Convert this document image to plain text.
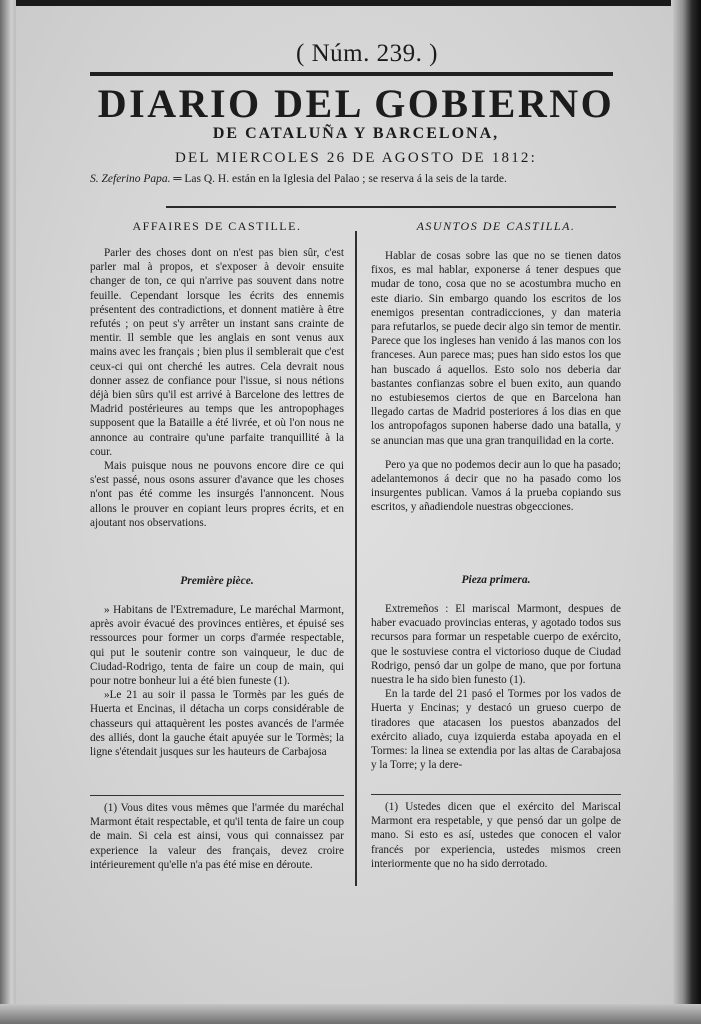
( Núm. 239. )
DIARIO DEL GOBIERNO
DE CATALUÑA Y BARCELONA,
DEL MIERCOLES 26 DE AGOSTO DE 1812:
S. Zeferino Papa. ═ Las Q. H. están en la Iglesia del Palao ; se reserva á la seis de la tarde.
AFFAIRES DE CASTILLE.

Parler des choses dont on n'est pas bien sûr, c'est parler mal à propos, et s'exposer à devoir ensuite changer de ton, ce qui n'arrive pas souvent dans notre feuille. Cependant lorsque les écrits des ennemis présentent des contradictions, et donnent matière à être refutés ; on peut s'y arrêter un instant sans crainte de mentir. Il semble que les anglais en sont venus aux mains avec les français ; bien plus il semblerait que c'est ceux-ci qui ont cherché les autres. Cela devrait nous donner assez de confiance pour l'issue, si nous nétions déjà bien sûrs qu'il est arrivé à Barcelone des lettres de Madrid postérieures au temps que les antropophages supposent que la Bataille a été livrée, et où l'on nous ne annonce au contraire qu'une parfaite tranquillité à la cour.

Mais puisque nous ne pouvons encore dire ce qui s'est passé, nous osons assurer d'avance que les choses n'ont pas été comme les insurgés l'annoncent. Nous allons le prouver en copiant leurs propres écrits, et en ajoutant nos observations.

Première pièce.

» Habitans de l'Extremadure, Le maréchal Marmont, après avoir évacué des provinces entières, et épuisé ses ressources pour former un corps d'armée respectable, qui put le soutenir contre son vainqueur, le duc de Ciudad-Rodrigo, tenta de faire un coup de main, qui pour notre bonheur lui a été bien funeste (1).

»Le 21 au soir il passa le Tormès par les gués de Huerta et Encinas, il détacha un corps considérable de chasseurs qui attaquèrent les postes avancés de l'armée des alliés, dont la gauche était apuyée sur le Tormès; la ligne s'étendait jusques sur les hauteurs de Carbajosa

(1) Vous dites vous mêmes que l'armée du maréchal Marmont était respectable, et qu'il tenta de faire un coup de main. Si cela est ainsi, vous qui connaissez par experience la valeur des français, devez croire intérieurement qu'elle n'a pas été mise en déroute.

ASUNTOS DE CASTILLA.

Hablar de cosas sobre las que no se tienen datos fixos, es mal hablar, exponerse á tener despues que mudar de tono, cosa que no se acostumbra mucho en este diario. Sin embargo quando los escritos de los enemigos presentan contradicciones, y dan materia para refutarlos, se puede decir algo sin temor de mentir. Parece que los ingleses han venido á las manos con los franceses. Aun parece mas; pues han sido estos los que han buscado á aquellos. Esto solo nos deberia dar bastantes confianzas sobre el buen exito, aun quando no estubiesemos ciertos de que en Barcelona han llegado cartas de Madrid posteriores á los dias en que los antropofagos suponen haberse dado una batalla, y se anuncian mas que una gran tranquilidad en la corte.

Pero ya que no podemos decir aun lo que ha pasado; adelantemonos á decir que no ha pasado como los insurgentes publican. Vamos á la prueba copiando sus escritos, y añadiendole nuestras obgecciones.

Pieza primera.

Extremeños : El mariscal Marmont, despues de haber evacuado provincias enteras, y agotado todos sus recursos para formar un respetable cuerpo de exército, que le sostuviese contra el victorioso duque de Ciudad Rodrigo, pensó dar un golpe de mano, que por fortuna nuestra le ha sido bien funesto (1).

En la tarde del 21 pasó el Tormes por los vados de Huerta y Encinas; y destacó un grueso cuerpo de tiradores que atacasen los puestos abanzados del exército aliado, cuya izquierda estaba apoyada en el Tormes: la linea se extendia por las altas de Carabajosa y la Torre; y la dere-

(1) Ustedes dicen que el exército del Mariscal Marmont era respetable, y que pensó dar un golpe de mano. Si esto es así, ustedes que conocen el valor francés por experiencia, ustedes mismos creen interiormente que no ha sido derrotado.
